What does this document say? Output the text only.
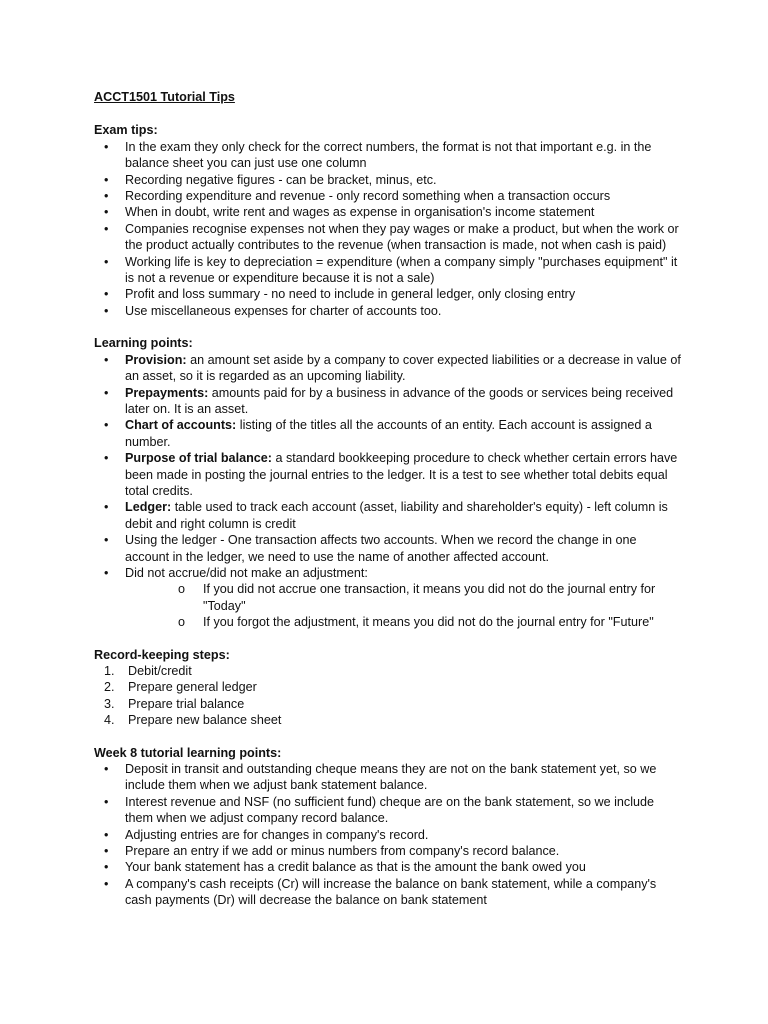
ACCT1501 Tutorial Tips

Exam tips:

• In the exam they only check for the correct numbers, the format is not that important e.g. in the balance sheet you can just use one column
• Recording negative figures - can be bracket, minus, etc.
• Recording expenditure and revenue - only record something when a transaction occurs
• When in doubt, write rent and wages as expense in organisation's income statement
• Companies recognise expenses not when they pay wages or make a product, but when the work or the product actually contributes to the revenue (when transaction is made, not when cash is paid)
• Working life is key to depreciation = expenditure (when a company simply "purchases equipment" it is not a revenue or expenditure because it is not a sale)
• Profit and loss summary - no need to include in general ledger, only closing entry
• Use miscellaneous expenses for charter of accounts too.

Learning points:

• Provision: an amount set aside by a company to cover expected liabilities or a decrease in value of an asset, so it is regarded as an upcoming liability.
• Prepayments: amounts paid for by a business in advance of the goods or services being received later on. It is an asset.
• Chart of accounts: listing of the titles all the accounts of an entity. Each account is assigned a number.
• Purpose of trial balance: a standard bookkeeping procedure to check whether certain errors have been made in posting the journal entries to the ledger. It is a test to see whether total debits equal total credits.
• Ledger: table used to track each account (asset, liability and shareholder's equity) - left column is debit and right column is credit
• Using the ledger - One transaction affects two accounts. When we record the change in one account in the ledger, we need to use the name of another affected account.
• Did not accrue/did not make an adjustment:
o If you did not accrue one transaction, it means you did not do the journal entry for "Today"
o If you forgot the adjustment, it means you did not do the journal entry for "Future"

Record-keeping steps:

1. Debit/credit
2. Prepare general ledger
3. Prepare trial balance
4. Prepare new balance sheet

Week 8 tutorial learning points:

• Deposit in transit and outstanding cheque means they are not on the bank statement yet, so we include them when we adjust bank statement balance.
• Interest revenue and NSF (no sufficient fund) cheque are on the bank statement, so we include them when we adjust company record balance.
• Adjusting entries are for changes in company's record.
• Prepare an entry if we add or minus numbers from company's record balance.
• Your bank statement has a credit balance as that is the amount the bank owed you
• A company's cash receipts (Cr) will increase the balance on bank statement, while a company's cash payments (Dr) will decrease the balance on bank statement
